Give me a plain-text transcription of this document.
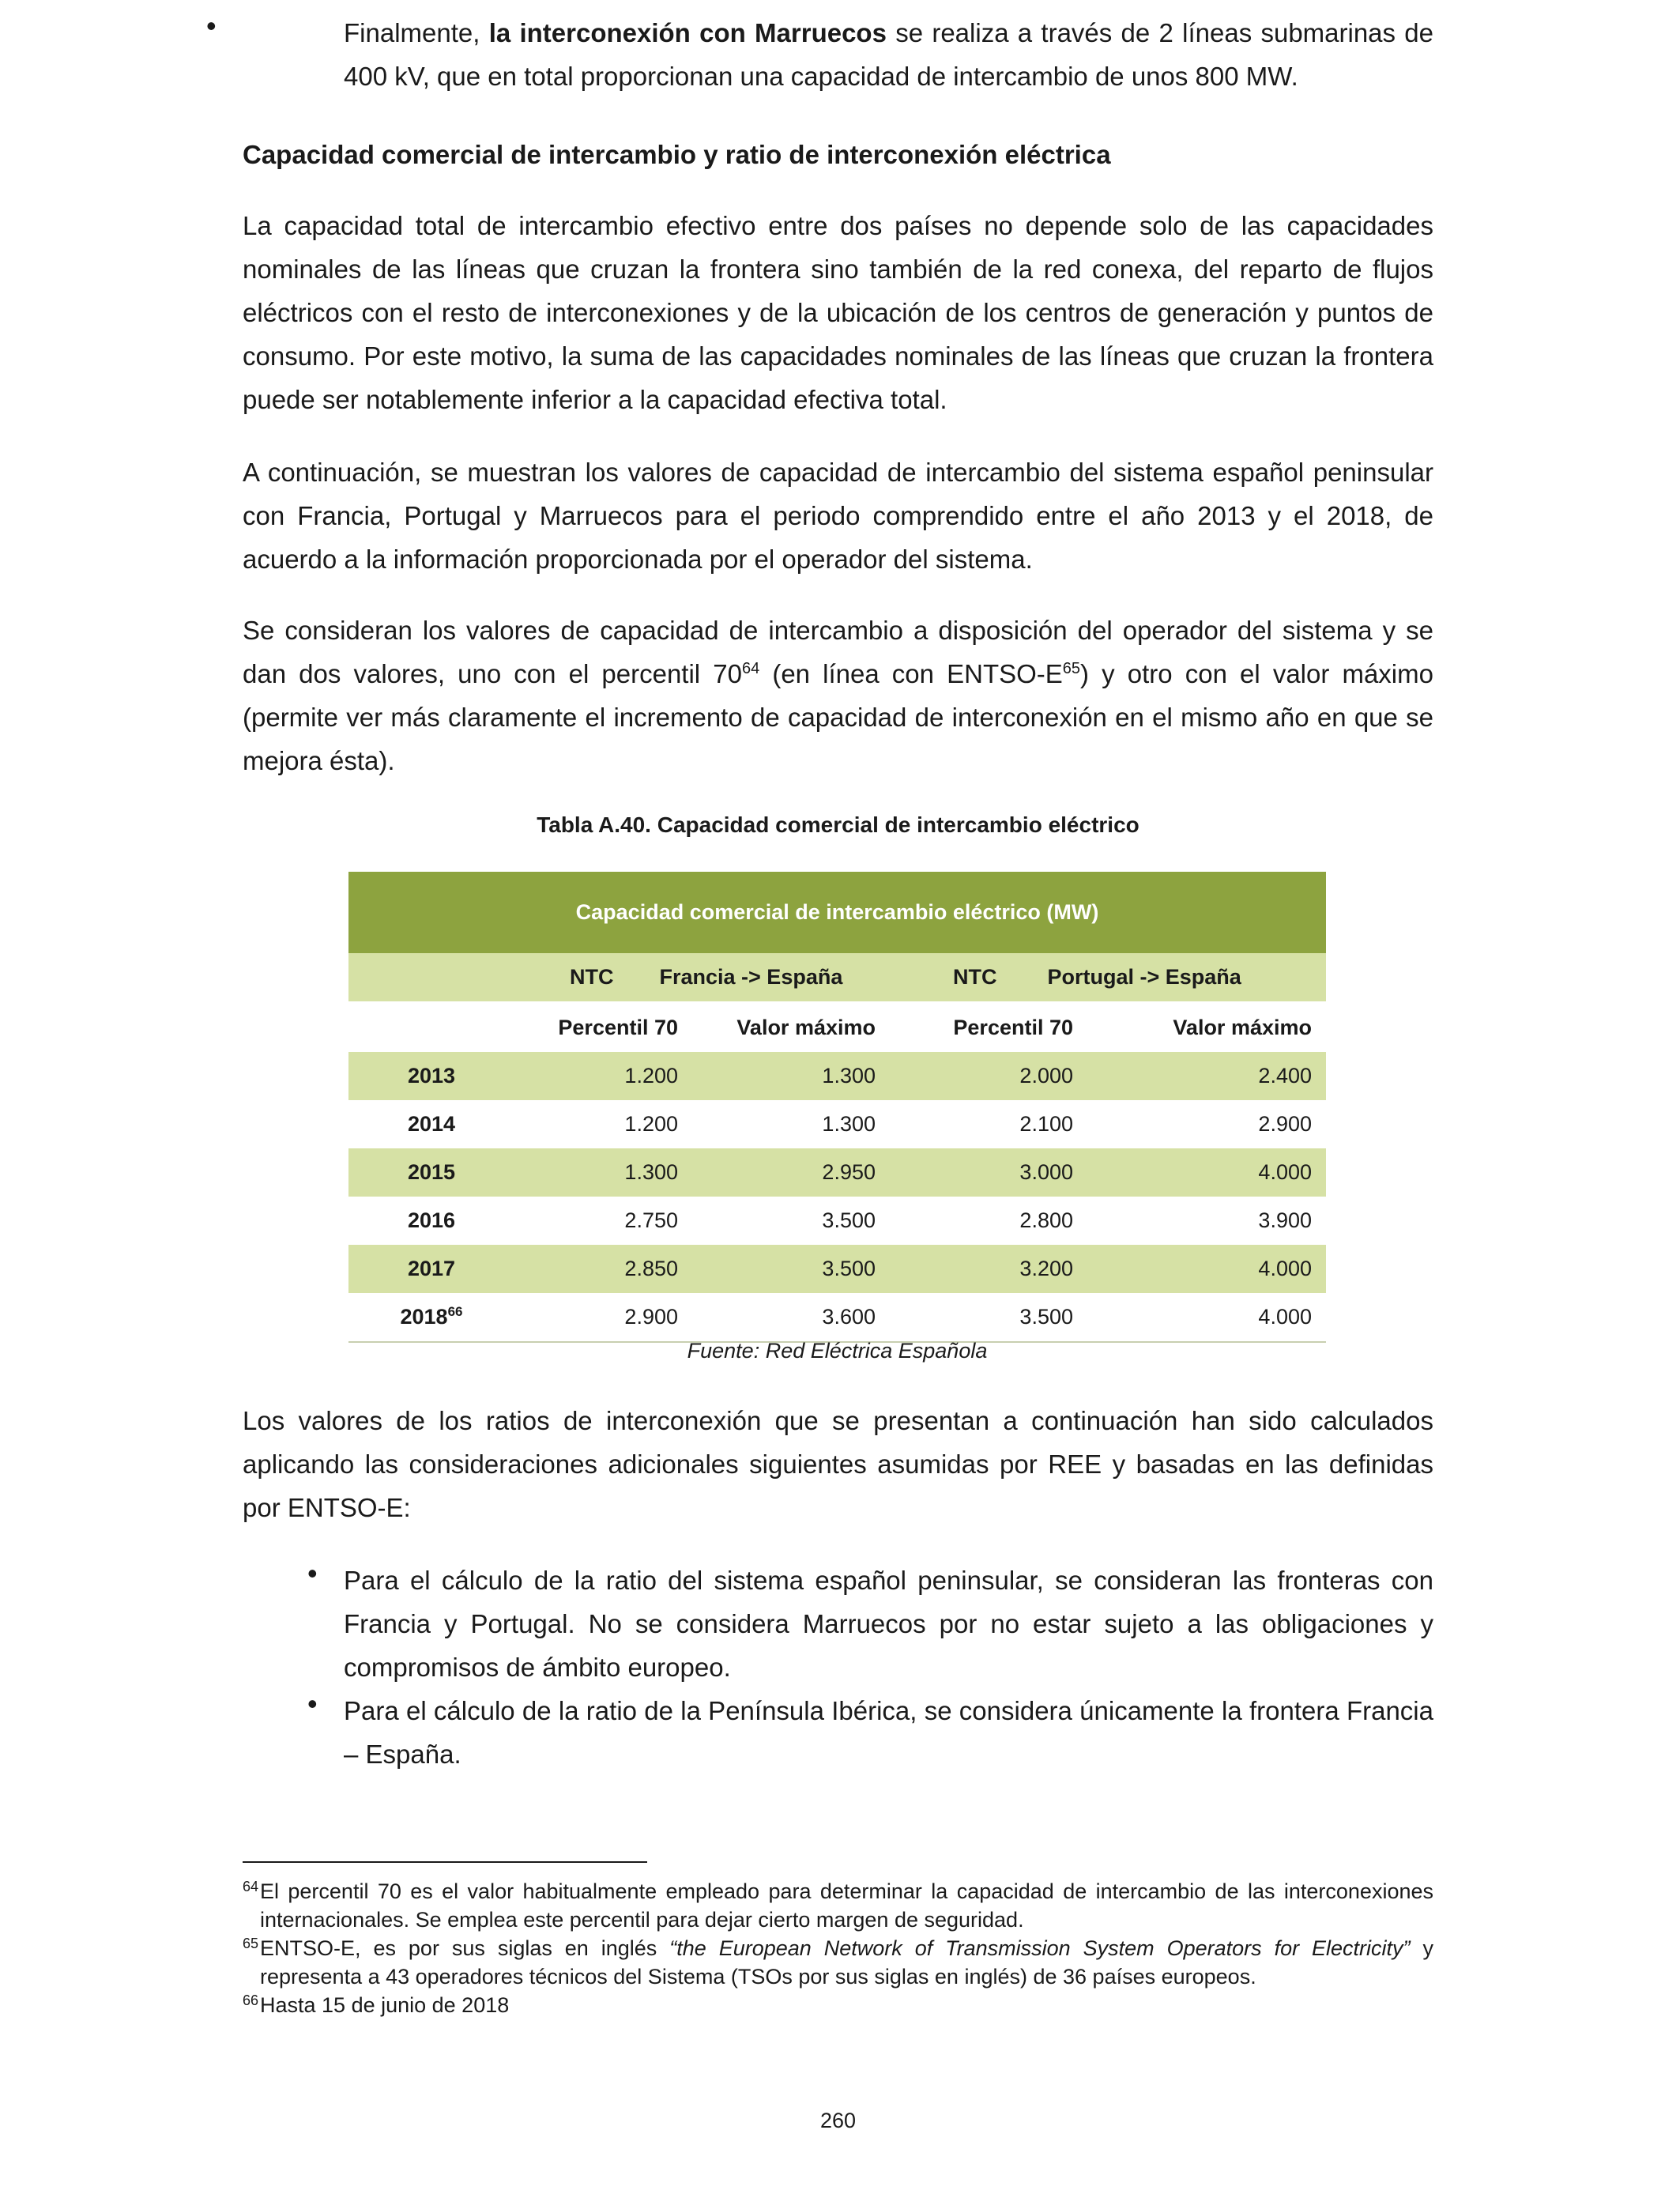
•	Finalmente, la interconexión con Marruecos se realiza a través de 2 líneas submarinas de 400 kV, que en total proporcionan una capacidad de intercambio de unos 800 MW.

Capacidad comercial de intercambio y ratio de interconexión eléctrica

La capacidad total de intercambio efectivo entre dos países no depende solo de las capacidades nominales de las líneas que cruzan la frontera sino también de la red conexa, del reparto de flujos eléctricos con el resto de interconexiones y de la ubicación de los centros de generación y puntos de consumo. Por este motivo, la suma de las capacidades nominales de las líneas que cruzan la frontera puede ser notablemente inferior a la capacidad efectiva total.

A continuación, se muestran los valores de capacidad de intercambio del sistema español peninsular con Francia, Portugal y Marruecos para el periodo comprendido entre el año 2013 y el 2018, de acuerdo a la información proporcionada por el operador del sistema.

Se consideran los valores de capacidad de intercambio a disposición del operador del sistema y se dan dos valores, uno con el percentil $70^{64}$ (en línea con ENTSO-$E^{65}$) y otro con el valor máximo (permite ver más claramente el incremento de capacidad de interconexión en el mismo año en que se mejora ésta).

Tabla A.40. Capacidad comercial de intercambio eléctrico
Capacidad comercial de intercambio eléctrico (MW)				
	NTC Francia -> España		NTC Portugal -> España	
	Percentil 70	Valor máximo	Percentil 70	Valor máximo
2013	1.200	1.300	2.000	2.400
2014	1.200	1.300	2.100	2.900
2015	1.300	2.950	3.000	4.000
2016	2.750	3.500	2.800	3.900
2017	2.850	3.500	3.200	4.000
2018$^{66}$	2.900	3.600	3.500	4.000
Fuente: Red Eléctrica Española

Los valores de los ratios de interconexión que se presentan a continuación han sido calculados aplicando las consideraciones adicionales siguientes asumidas por REE y basadas en las definidas por ENTSO-E:

• Para el cálculo de la ratio del sistema español peninsular, se consideran las fronteras con Francia y Portugal. No se considera Marruecos por no estar sujeto a las obligaciones y compromisos de ámbito europeo.

• Para el cálculo de la ratio de la Península Ibérica, se considera únicamente la frontera Francia – España.

64 El percentil 70 es el valor habitualmente empleado para determinar la capacidad de intercambio de las interconexiones internacionales. Se emplea este percentil para dejar cierto margen de seguridad.

65 ENTSO-E, es por sus siglas en inglés “the European Network of Transmission System Operators for Electricity” y representa a 43 operadores técnicos del Sistema (TSOs por sus siglas en inglés) de 36 países europeos.

66 Hasta 15 de junio de 2018

260
